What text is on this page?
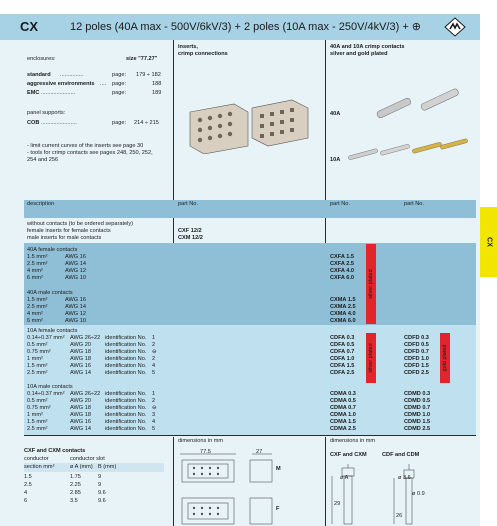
CX	12 poles (40A max - 500V/6kV/3) + 2 poles (10A max - 250V/4kV/3) + ⊕
CX
inserts,
crimp connections
40A and 10A crimp contacts
silver and gold plated
enclosures:	size "77.27"
standard ...............	page: 179 ÷ 182
aggressive environments .... page:	188
EMC ......................	page:	189
panel supports:
COB .......................	page: 214 ÷ 215
- limit current curves of the inserts see page 30
- tools for crimp contacts see pages 248, 250, 252,
254 and 256
40A
10A
description	part No.	part No.	part No.
without contacts (to be ordered separately)
female inserts for female contacts
male inserts for male contacts
CXF 12/2
CXM 12/2
silver plated
40A female contacts
1.5 mm²	AWG 16	CXFA 1.5
2.5 mm²	AWG 14	CXFA 2.5
4 mm²	AWG 12	CXFA 4.0
6 mm²	AWG 10	CXFA 6.0
40A male contacts
1.5 mm²	AWG 16	CXMA 1.5
2.5 mm²	AWG 14	CXMA 2.5
4 mm²	AWG 12	CXMA 4.0
6 mm²	AWG 10	CXMA 6.0
silver plated	gold plated
10A female contacts
0.14÷0.37 mm² AWG 26÷22 identification No. 1	CDFA 0.3	CDFD 0.3
0.5 mm²	AWG 20	identification No. 2	CDFA 0.5	CDFD 0.5
0.75 mm²	AWG 18	identification No. ⊖	CDFA 0.7	CDFD 0.7
1 mm²	AWG 18	identification No. 2	CDFA 1.0	CDFD 1.0
1.5 mm²	AWG 16	identification No. 4	CDFA 1.5	CDFD 1.5
2.5 mm²	AWG 14	identification No. 5	CDFA 2.5	CDFD 2.5
10A male contacts
0.14÷0.37 mm² AWG 26÷22 identification No. 1	CDMA 0.3	CDMD 0.3
0.5 mm²	AWG 20	identification No. 2	CDMA 0.5	CDMD 0.5
0.75 mm²	AWG 18	identification No. ⊖	CDMA 0.7	CDMD 0.7
1 mm²	AWG 18	identification No. 3	CDMA 1.0	CDMD 1.0
1.5 mm²	AWG 16	identification No. 4	CDMA 1.5	CDMD 1.5
2.5 mm²	AWG 14	identification No. 5	CDMA 2.5	CDMD 2.5
CXF and CXM contacts
conductor	conductor slot
section mm²	ø A (mm) B (mm)
1.5	1.75	9
2.5	2.25	9
4	2.85	9.6
6	3.5	9.6
dimensions in mm
77.5	27
M
F
dimensions in mm
CXF and CXM	CDF and CDM
ø A	ø 3.6
29
26
ø 0.9
